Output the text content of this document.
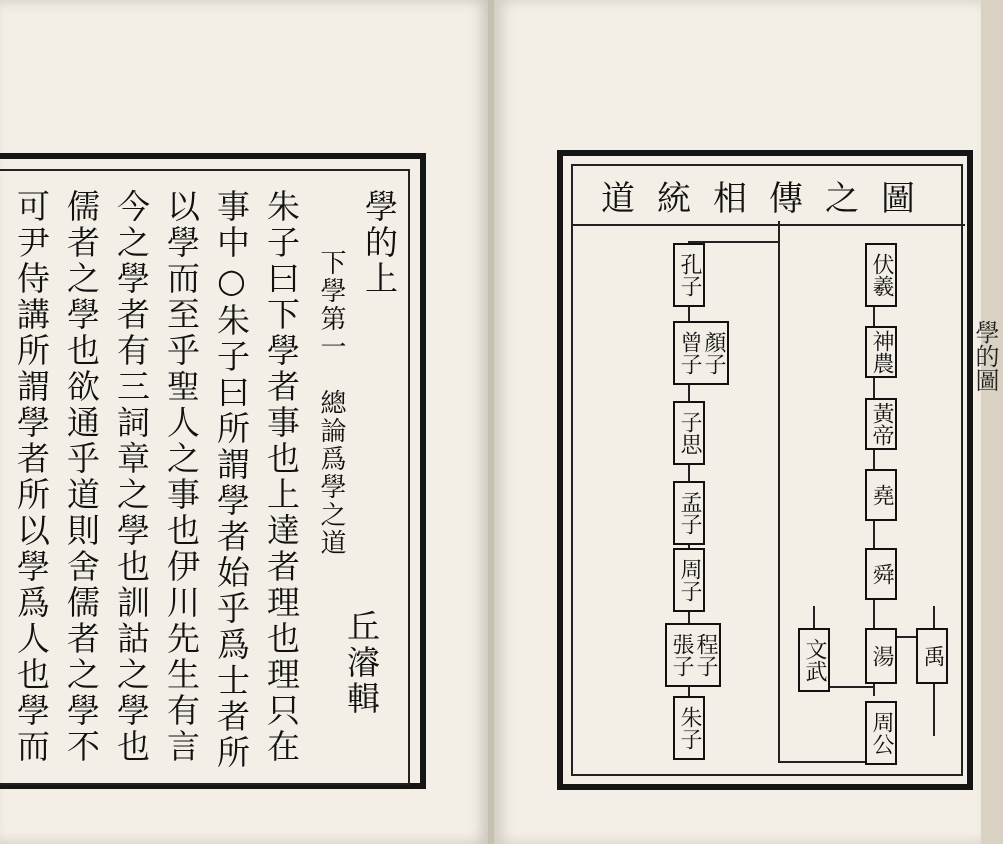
學的上
下學第一　總論爲學之道
丘濬輯
朱子曰下學者事也上達者理也理只在
事中○朱子曰所謂學者始乎爲士者所
以學而至乎聖人之事也伊川先生有言
今之學者有三詞章之學也訓詁之學也
儒者之學也欲通乎道則舍儒者之學不
可尹侍講所謂學者所以學爲人也學而	學的圖
道統相傳之圖
伏羲
神農
黃帝
堯
舜
禹
湯
文武
周公
孔子
顏子曾子
子思
孟子
周子
程子張子
朱子
